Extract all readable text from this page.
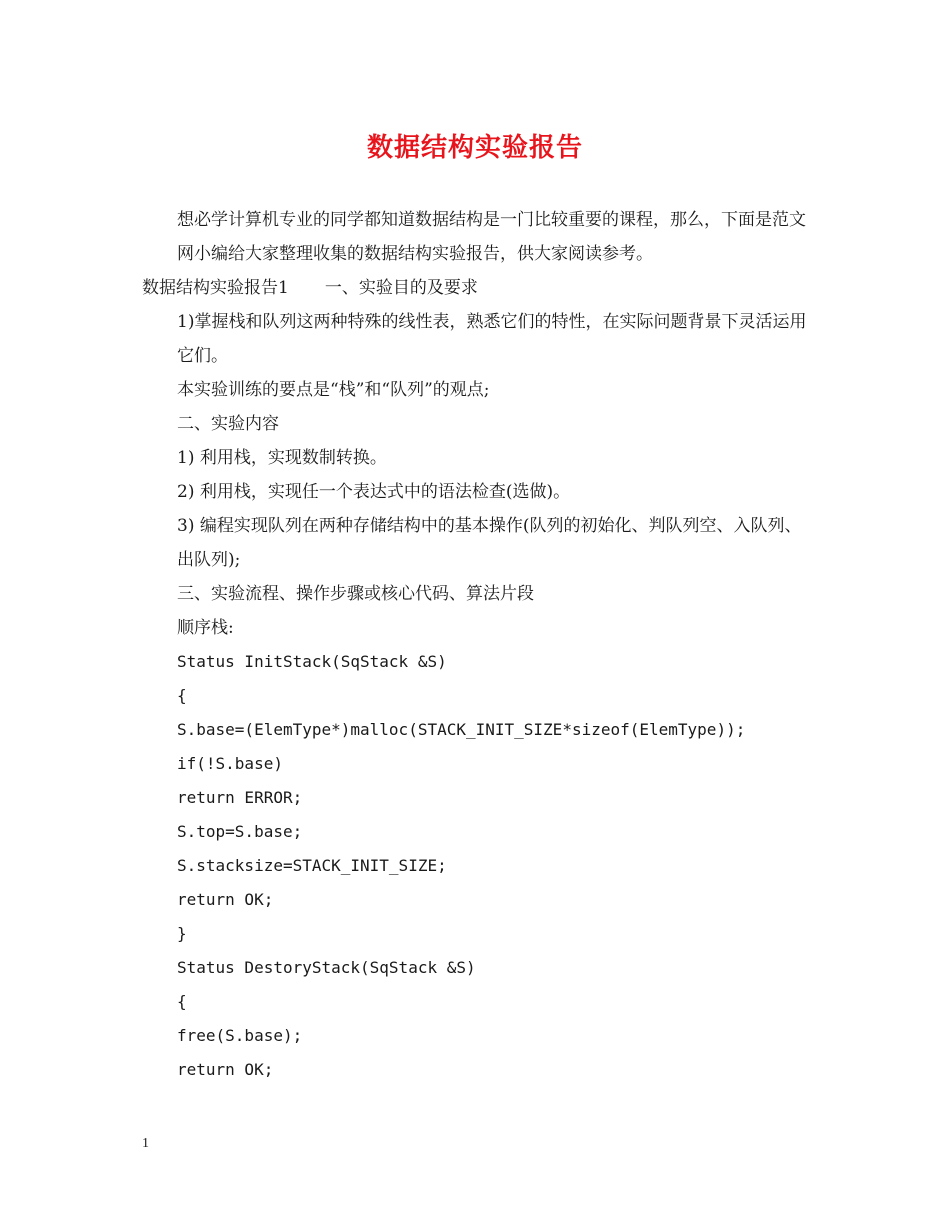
数据结构实验报告

想必学计算机专业的同学都知道数据结构是一门比较重要的课程，那么，下面是范文网小编给大家整理收集的数据结构实验报告，供大家阅读参考。

数据结构实验报告1 一、实验目的及要求

1)掌握栈和队列这两种特殊的线性表，熟悉它们的特性，在实际问题背景下灵活运用它们。

本实验训练的要点是“栈”和“队列”的观点;

二、实验内容

1) 利用栈，实现数制转换。

2) 利用栈，实现任一个表达式中的语法检查(选做)。

3) 编程实现队列在两种存储结构中的基本操作(队列的初始化、判队列空、入队列、出队列);

三、实验流程、操作步骤或核心代码、算法片段

顺序栈:

Status InitStack(SqStack &S)

{

S.base=(ElemType*)malloc(STACK_INIT_SIZE*sizeof(ElemType));

if(!S.base)

return ERROR;

S.top=S.base;

S.stacksize=STACK_INIT_SIZE;

return OK;

}

Status DestoryStack(SqStack &S)

{

free(S.base);

return OK;

1
